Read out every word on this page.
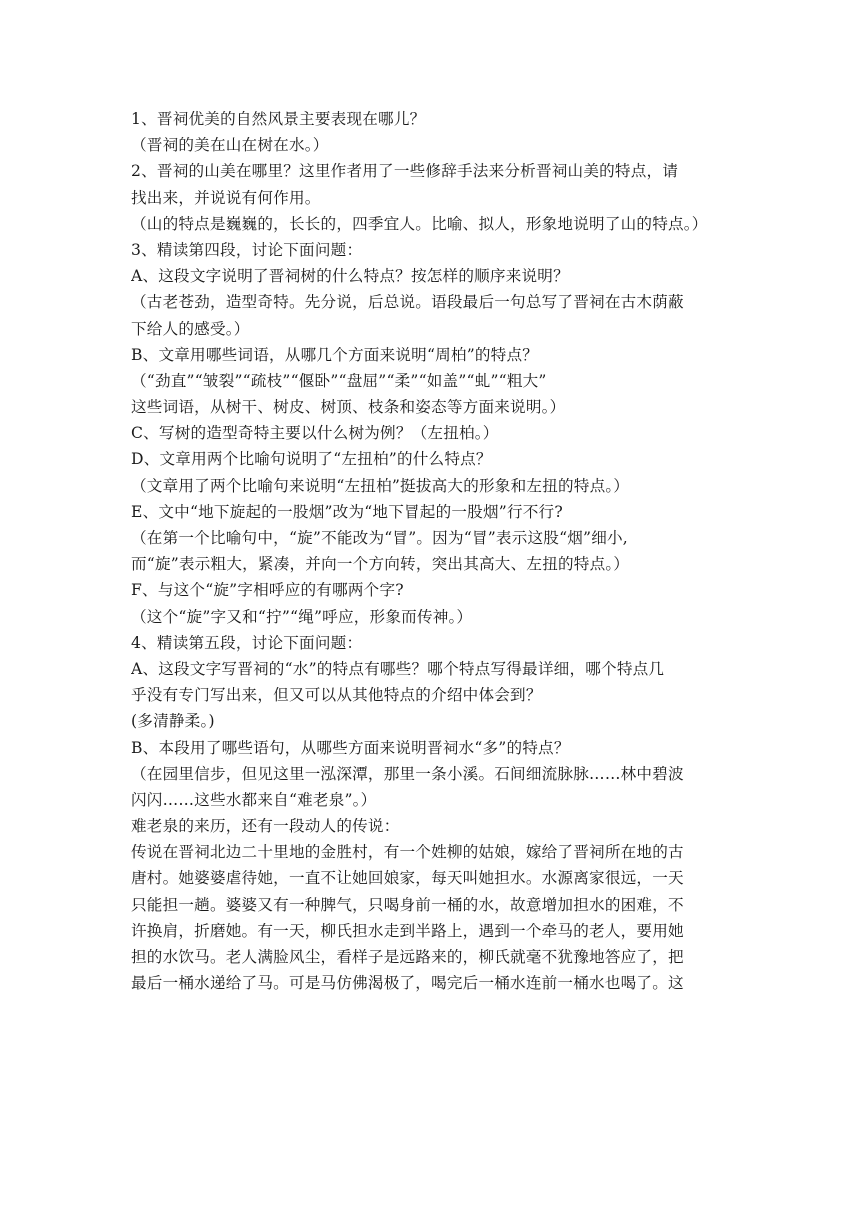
1、晋祠优美的自然风景主要表现在哪儿？
（晋祠的美在山在树在水。）
2、晋祠的山美在哪里？这里作者用了一些修辞手法来分析晋祠山美的特点，请
找出来，并说说有何作用。
（山的特点是巍巍的，长长的，四季宜人。比喻、拟人，形象地说明了山的特点。）
3、精读第四段，讨论下面问题：
A、这段文字说明了晋祠树的什么特点？按怎样的顺序来说明？
（古老苍劲，造型奇特。先分说，后总说。语段最后一句总写了晋祠在古木荫蔽
下给人的感受。）
B、文章用哪些词语，从哪几个方面来说明“周柏”的特点？
（“劲直”“皱裂”“疏枝”“偃卧”“盘屈”“柔”“如盖”“虬”“粗大”
这些词语，从树干、树皮、树顶、枝条和姿态等方面来说明。）
C、写树的造型奇特主要以什么树为例？（左扭柏。）
D、文章用两个比喻句说明了“左扭柏”的什么特点？
（文章用了两个比喻句来说明“左扭柏”挺拔高大的形象和左扭的特点。）
E、文中“地下旋起的一股烟”改为“地下冒起的一股烟”行不行?
（在第一个比喻句中，“旋”不能改为“冒”。因为“冒”表示这股“烟”细小,
而“旋”表示粗大，紧凑，并向一个方向转，突出其高大、左扭的特点。）
F、与这个“旋”字相呼应的有哪两个字?
（这个“旋”字又和“拧”“绳”呼应，形象而传神。）
4、精读第五段，讨论下面问题：
A、这段文字写晋祠的“水”的特点有哪些？哪个特点写得最详细，哪个特点几
乎没有专门写出来，但又可以从其他特点的介绍中体会到？
(多清静柔。)
B、本段用了哪些语句，从哪些方面来说明晋祠水“多”的特点？
（在园里信步，但见这里一泓深潭，那里一条小溪。石间细流脉脉……林中碧波
闪闪……这些水都来自“难老泉”。）
难老泉的来历，还有一段动人的传说：
传说在晋祠北边二十里地的金胜村，有一个姓柳的姑娘，嫁给了晋祠所在地的古
唐村。她婆婆虐待她，一直不让她回娘家，每天叫她担水。水源离家很远，一天
只能担一趟。婆婆又有一种脾气，只喝身前一桶的水，故意增加担水的困难，不
许换肩，折磨她。有一天，柳氏担水走到半路上，遇到一个牵马的老人，要用她
担的水饮马。老人满脸风尘，看样子是远路来的，柳氏就毫不犹豫地答应了，把
最后一桶水递给了马。可是马仿佛渴极了，喝完后一桶水连前一桶水也喝了。这
